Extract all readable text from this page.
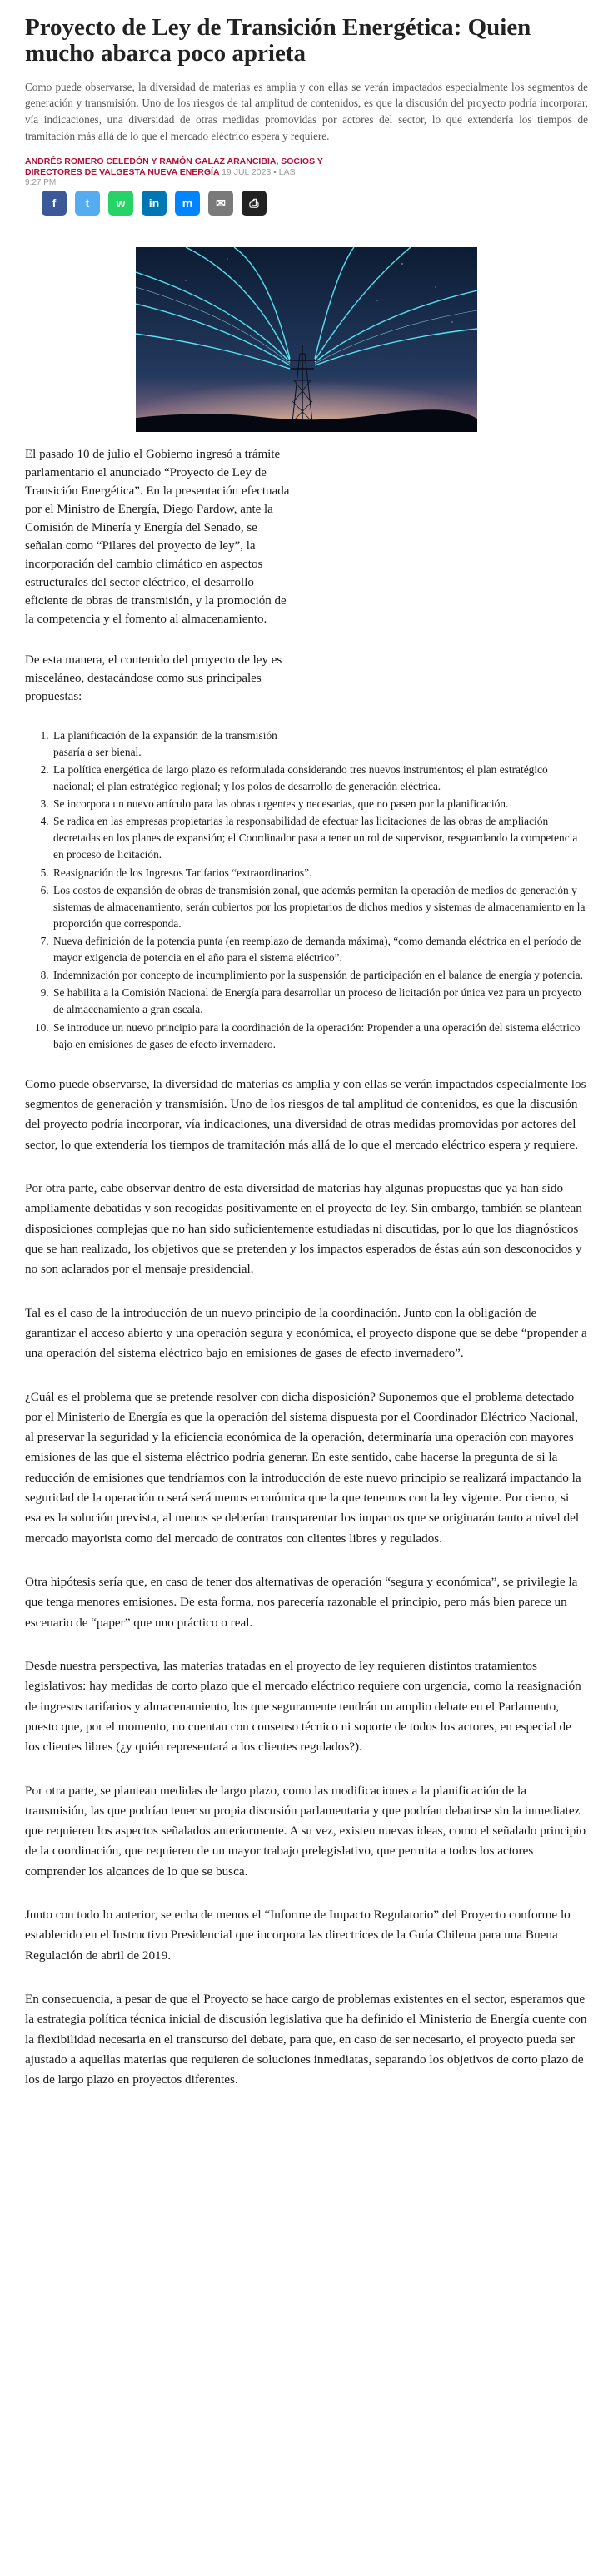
Proyecto de Ley de Transición Energética: Quien mucho abarca poco aprieta

Como puede observarse, la diversidad de materias es amplia y con ellas se verán impactados especialmente los segmentos de generación y transmisión. Uno de los riesgos de tal amplitud de contenidos, es que la discusión del proyecto podría incorporar, vía indicaciones, una diversidad de otras medidas promovidas por actores del sector, lo que extendería los tiempos de tramitación más allá de lo que el mercado eléctrico espera y requiere.

ANDRÉS ROMERO CELEDÓN Y RAMÓN GALAZ ARANCIBIA, SOCIOS Y DIRECTORES DE VALGESTA NUEVA ENERGÍA 19 JUL 2023 ▪ LAS

9:27 PM

f	t w in m ✉ ⎙

El pasado 10 de julio el Gobierno ingresó a trámite parlamentario el anunciado “Proyecto de Ley de Transición Energética”. En la presentación efectuada por el Ministro de Energía, Diego Pardow, ante la Comisión de Minería y Energía del Senado, se señalan como “Pilares del proyecto de ley”, la incorporación del cambio climático en aspectos estructurales del sector eléctrico, el desarrollo eficiente de obras de transmisión, y la promoción de la competencia y el fomento al almacenamiento.

De esta manera, el contenido del proyecto de ley es misceláneo, destacándose como sus principales propuestas:

1. La planificación de la expansión de la transmisión pasaría a ser bienal.
2. La política energética de largo plazo es reformulada considerando tres nuevos instrumentos; el plan estratégico nacional; el plan estratégico regional; y los polos de desarrollo de generación eléctrica.
3. Se incorpora un nuevo artículo para las obras urgentes y necesarias, que no pasen por la planificación.
4. Se radica en las empresas propietarias la responsabilidad de efectuar las licitaciones de las obras de ampliación decretadas en los planes de expansión; el Coordinador pasa a tener un rol de supervisor, resguardando la competencia en proceso de licitación.
5. Reasignación de los Ingresos Tarifarios “extraordinarios”.
6. Los costos de expansión de obras de transmisión zonal, que además permitan la operación de medios de generación y sistemas de almacenamiento, serán cubiertos por los propietarios de dichos medios y sistemas de almacenamiento en la proporción que corresponda.
7. Nueva definición de la potencia punta (en reemplazo de demanda máxima), “como demanda eléctrica en el período de mayor exigencia de potencia en el año para el sistema eléctrico”.
8. Indemnización por concepto de incumplimiento por la suspensión de participación en el balance de energía y potencia.
9. Se habilita a la Comisión Nacional de Energía para desarrollar un proceso de licitación por única vez para un proyecto de almacenamiento a gran escala.
10. Se introduce un nuevo principio para la coordinación de la operación: Propender a una operación del sistema eléctrico bajo en emisiones de gases de efecto invernadero.

Como puede observarse, la diversidad de materias es amplia y con ellas se verán impactados especialmente los segmentos de generación y transmisión. Uno de los riesgos de tal amplitud de contenidos, es que la discusión del proyecto podría incorporar, vía indicaciones, una diversidad de otras medidas promovidas por actores del sector, lo que extendería los tiempos de tramitación más allá de lo que el mercado eléctrico espera y requiere.

Por otra parte, cabe observar dentro de esta diversidad de materias hay algunas propuestas que ya han sido ampliamente debatidas y son recogidas positivamente en el proyecto de ley. Sin embargo, también se plantean disposiciones complejas que no han sido suficientemente estudiadas ni discutidas, por lo que los diagnósticos que se han realizado, los objetivos que se pretenden y los impactos esperados de éstas aún son desconocidos y no son aclarados por el mensaje presidencial.

Tal es el caso de la introducción de un nuevo principio de la coordinación. Junto con la obligación de garantizar el acceso abierto y una operación segura y económica, el proyecto dispone que se debe “propender a una operación del sistema eléctrico bajo en emisiones de gases de efecto invernadero”.

¿Cuál es el problema que se pretende resolver con dicha disposición? Suponemos que el problema detectado por el Ministerio de Energía es que la operación del sistema dispuesta por el Coordinador Eléctrico Nacional, al preservar la seguridad y la eficiencia económica de la operación, determinaría una operación con mayores emisiones de las que el sistema eléctrico podría generar. En este sentido, cabe hacerse la pregunta de si la reducción de emisiones que tendríamos con la introducción de este nuevo principio se realizará impactando la seguridad de la operación o será será menos económica que la que tenemos con la ley vigente. Por cierto, si esa es la solución prevista, al menos se deberían transparentar los impactos que se originarán tanto a nivel del mercado mayorista como del mercado de contratos con clientes libres y regulados.

Otra hipótesis sería que, en caso de tener dos alternativas de operación “segura y económica”, se privilegie la que tenga menores emisiones. De esta forma, nos parecería razonable el principio, pero más bien parece un escenario de “paper” que uno práctico o real.

Desde nuestra perspectiva, las materias tratadas en el proyecto de ley requieren distintos tratamientos legislativos: hay medidas de corto plazo que el mercado eléctrico requiere con urgencia, como la reasignación de ingresos tarifarios y almacenamiento, los que seguramente tendrán un amplio debate en el Parlamento, puesto que, por el momento, no cuentan con consenso técnico ni soporte de todos los actores, en especial de los clientes libres (¿y quién representará a los clientes regulados?).

Por otra parte, se plantean medidas de largo plazo, como las modificaciones a la planificación de la transmisión, las que podrían tener su propia discusión parlamentaria y que podrían debatirse sin la inmediatez que requieren los aspectos señalados anteriormente. A su vez, existen nuevas ideas, como el señalado principio de la coordinación, que requieren de un mayor trabajo prelegislativo, que permita a todos los actores comprender los alcances de lo que se busca.

Junto con todo lo anterior, se echa de menos el “Informe de Impacto Regulatorio” del Proyecto conforme lo establecido en el Instructivo Presidencial que incorpora las directrices de la Guía Chilena para una Buena Regulación de abril de 2019.

En consecuencia, a pesar de que el Proyecto se hace cargo de problemas existentes en el sector, esperamos que la estrategia política técnica inicial de discusión legislativa que ha definido el Ministerio de Energía cuente con la flexibilidad necesaria en el transcurso del debate, para que, en caso de ser necesario, el proyecto pueda ser ajustado a aquellas materias que requieren de soluciones inmediatas, separando los objetivos de corto plazo de los de largo plazo en proyectos diferentes.
